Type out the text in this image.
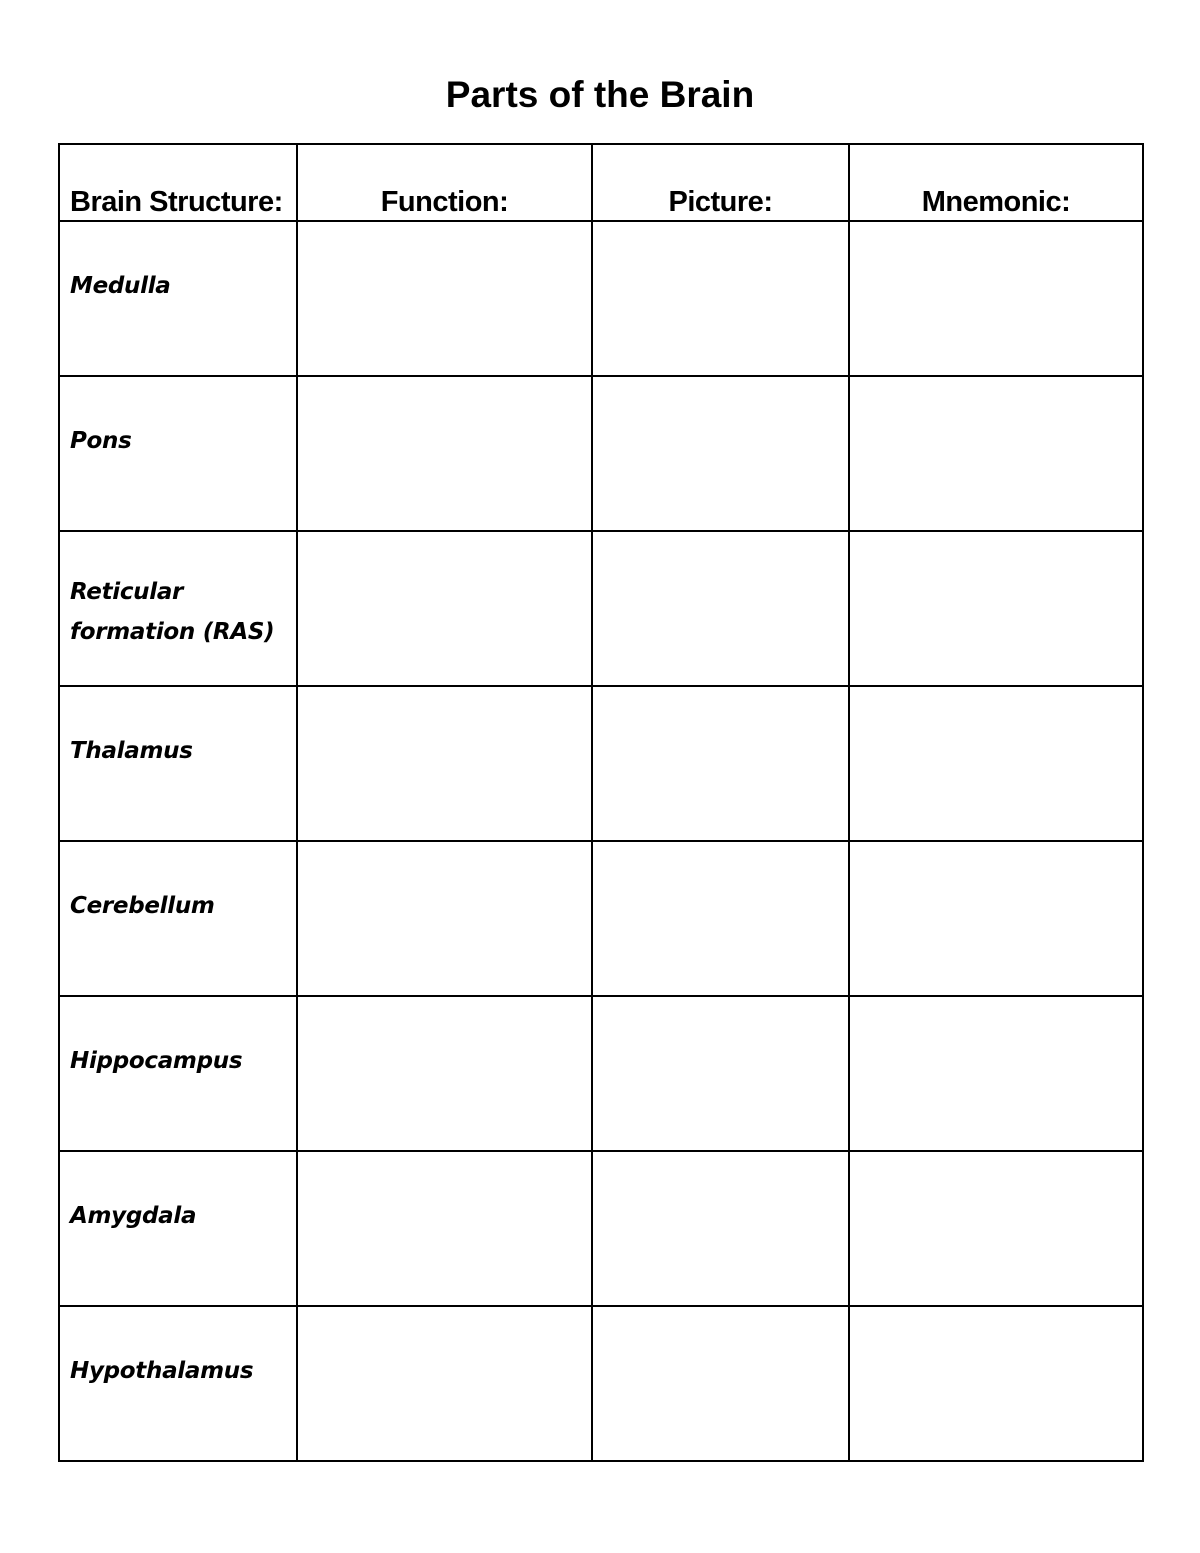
Parts of the Brain
Brain Structure:	Function:	Picture:	Mnemonic:
Medulla			
Pons			
Reticular formation (RAS)			
Thalamus			
Cerebellum			
Hippocampus			
Amygdala			
Hypothalamus			
